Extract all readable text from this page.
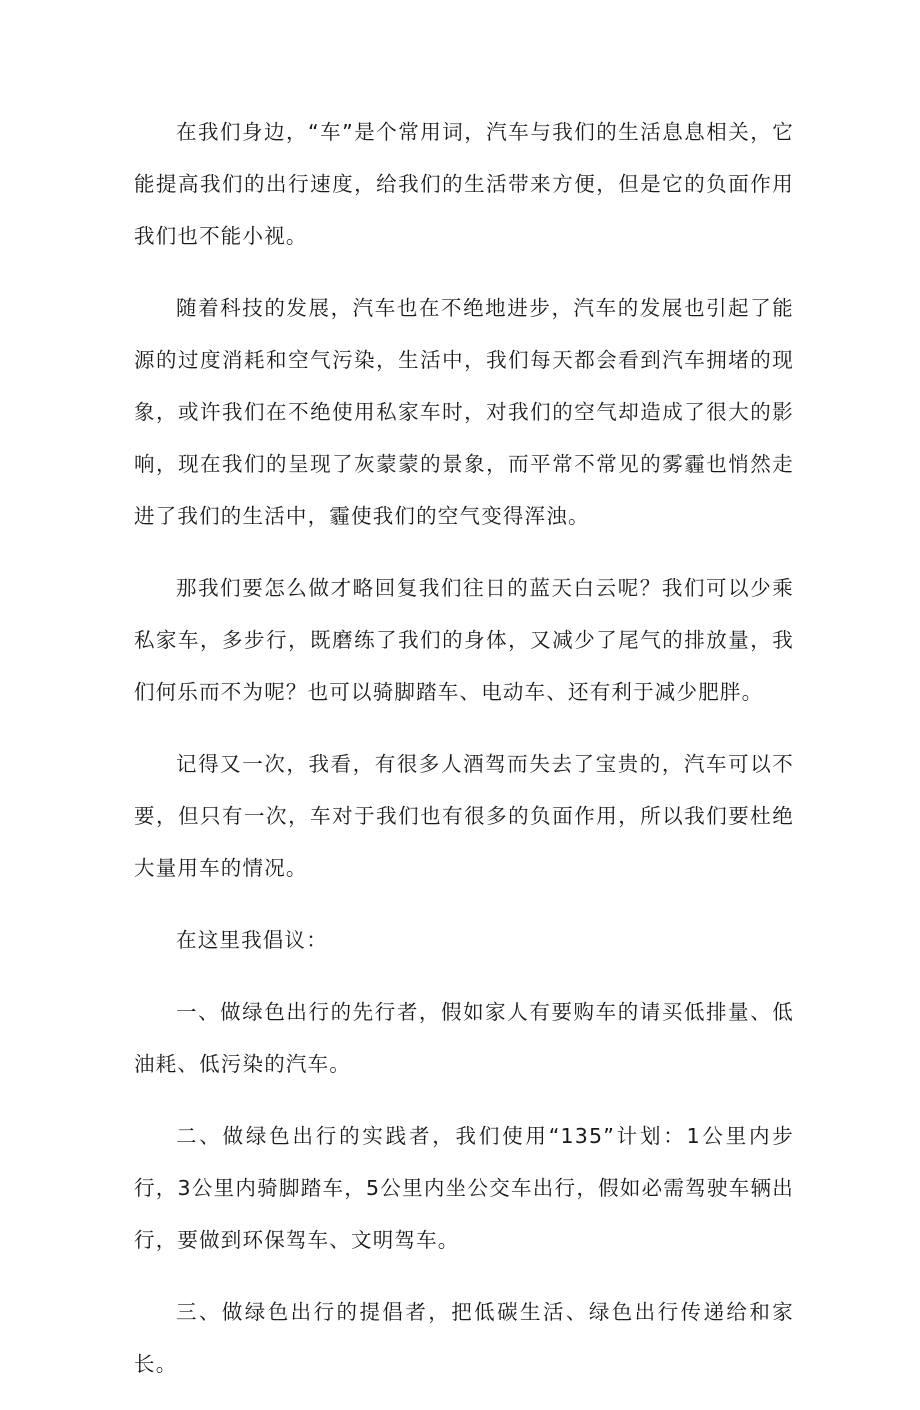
在我们身边，“车”是个常用词，汽车与我们的生活息息相关，它能提高我们的出行速度，给我们的生活带来方便，但是它的负面作用我们也不能小视。

随着科技的发展，汽车也在不绝地进步，汽车的发展也引起了能源的过度消耗和空气污染，生活中，我们每天都会看到汽车拥堵的现象，或许我们在不绝使用私家车时，对我们的空气却造成了很大的影响，现在我们的呈现了灰蒙蒙的景象，而平常不常见的雾霾也悄然走进了我们的生活中，霾使我们的空气变得浑浊。

那我们要怎么做才略回复我们往日的蓝天白云呢？我们可以少乘私家车，多步行，既磨练了我们的身体，又减少了尾气的排放量，我们何乐而不为呢？也可以骑脚踏车、电动车、还有利于减少肥胖。

记得又一次，我看，有很多人酒驾而失去了宝贵的，汽车可以不要，但只有一次，车对于我们也有很多的负面作用，所以我们要杜绝大量用车的情况。

在这里我倡议：

一、做绿色出行的先行者，假如家人有要购车的请买低排量、低油耗、低污染的汽车。

二、做绿色出行的实践者，我们使用“135”计划：1公里内步行，3公里内骑脚踏车，5公里内坐公交车出行，假如必需驾驶车辆出行，要做到环保驾车、文明驾车。

三、做绿色出行的提倡者，把低碳生活、绿色出行传递给和家长。
